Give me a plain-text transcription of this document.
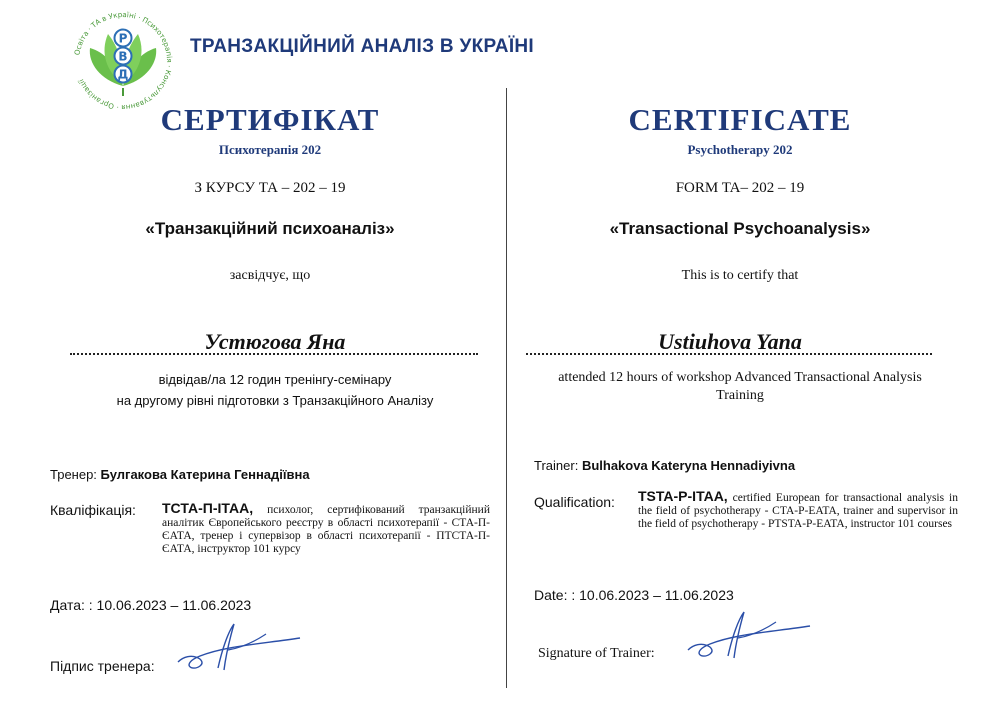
Освіта · ТА в Україні · Психотерапія · Консультування · Організації
Р
В
Д
ТРАНЗАКЦІЙНИЙ АНАЛІЗ В УКРАЇНІ
СЕРТИФІКАТ
Психотерапія 202
З КУРСУ ТА – 202 – 19
«Транзакційний психоаналіз»
засвідчує, що
Устюгова Яна
відвідав/ла 12 годин тренінгу-семінару
на другому рівні підготовки з Транзакційного Аналізу
Тренер: Булгакова Катерина Геннадіївна
Кваліфікація: ТСТА-П-ІТАА, психолог, сертифікований транзакційний аналітик Європейського реєстру в області психотерапії - СТА-П-ЄАТА, тренер і супервізор в області психотерапії - ПТСТА-П-ЄАТА, інструктор 101 курсу
Дата: : 10.06.2023 – 11.06.2023
Підпис тренера:
CERTIFICATE
Psychotherapy 202
FORM TA– 202 – 19
«Transactional Psychoanalysis»
This is to certify that
Ustiuhova Yana
attended 12 hours of workshop Advanced Transactional Analysis Training
Trainer: Bulhakova Kateryna Hennadiyivna
Qualification: TSTA-P-ITAA, certified European for transactional analysis in the field of psychotherapy - CTA-P-EATA, trainer and supervisor in the field of psychotherapy - PTSTA-P-EATA, instructor 101 courses
Date: : 10.06.2023 – 11.06.2023
Signature of Trainer:
